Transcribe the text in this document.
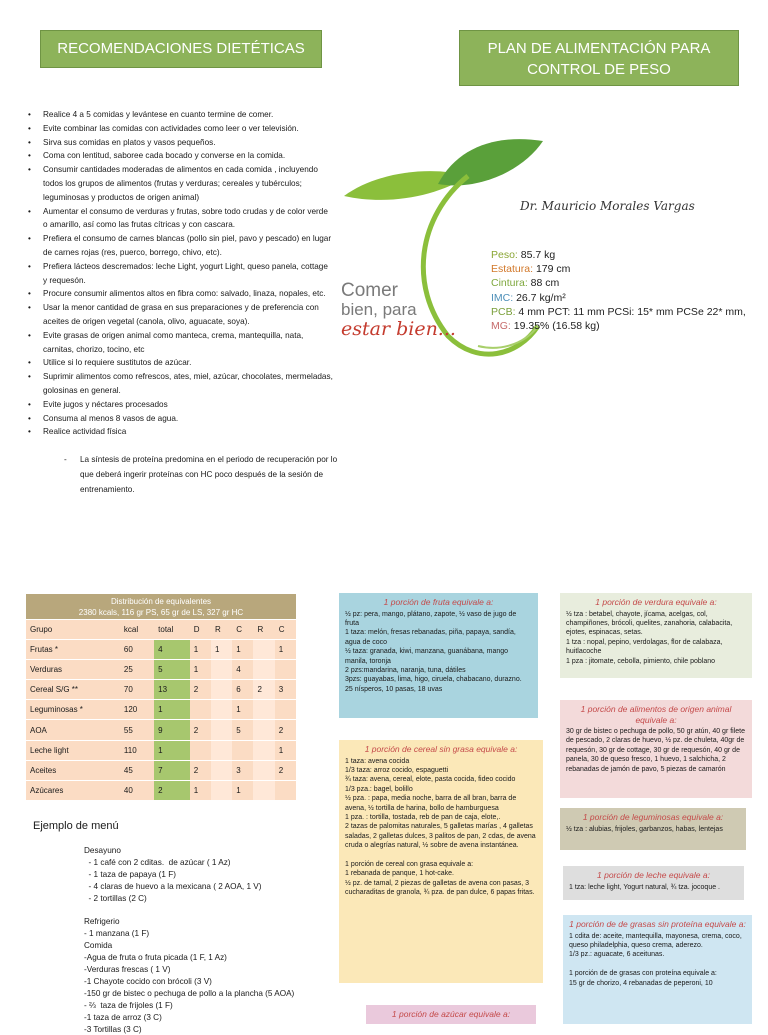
RECOMENDACIONES DIETÉTICAS	PLAN DE ALIMENTACIÓN PARA
CONTROL DE PESO
• Realice 4 a 5 comidas y levántese en cuanto termine de comer.
• Evite combinar las comidas con actividades como leer o ver televisión.
• Sirva sus comidas en platos y vasos pequeños.
• Coma con lentitud, saboree cada bocado y converse en la comida.
• Consumir cantidades moderadas de alimentos en cada comida , incluyendo todos los grupos de alimentos (frutas y verduras; cereales y tubérculos; leguminosas y productos de origen animal)
• Aumentar el consumo de verduras y frutas, sobre todo crudas y de color verde o amarillo, así como las frutas cítricas y con cascara.
• Prefiera el consumo de carnes blancas (pollo sin piel, pavo y pescado) en lugar de carnes rojas (res, puerco, borrego, chivo, etc).
• Prefiera lácteos descremados: leche Light, yogurt Light, queso panela, cottage y requesón.
• Procure consumir alimentos altos en fibra como: salvado, linaza, nopales, etc.
• Usar la menor cantidad de grasa en sus preparaciones y de preferencia con aceites de origen vegetal (canola, olivo, aguacate, soya).
• Evite grasas de origen animal como manteca, crema, mantequilla, nata, carnitas, chorizo, tocino, etc
• Utilice si lo requiere sustitutos de azúcar.
• Suprimir alimentos como refrescos, ates, miel, azúcar, chocolates, mermeladas, golosinas en general.
• Evite jugos y néctares procesados
• Consuma al menos 8 vasos de agua.
• Realice actividad física
- La síntesis de proteína predomina en el periodo de recuperación por lo que deberá ingerir proteínas con HC poco después de la sesión de entrenamiento.
Dr. Mauricio Morales Vargas
Comer
bien, para
estar bien...
Peso: 85.7 kg
Estatura: 179 cm
Cintura: 88 cm
IMC: 26.7 kg/m²
PCB: 4 mm PCT: 11 mm PCSi: 15* mm PCSe 22* mm,
MG: 19.35% (16.58 kg)
Distribución de equivalentes
2380 kcals, 116 gr PS, 65 gr de LS, 327 gr HC							

Grupo	kcal	total	D	R	C	R	C
Frutas *	60	4	1	1	1		1
Verduras	25	5	1		4		
Cereal S/G **	70	13	2		6	2	3
Leguminosas *	120	1			1		
AOA	55	9	2		5		2
Leche light	110	1					1
Aceites	45	7	2		3		2
Azúcares	40	2	1		1		
Ejemplo de menú
Desayuno
- 1 café con 2 cditas.  de azúcar ( 1 Az)
- 1 taza de papaya (1 F)
- 4 claras de huevo a la mexicana ( 2 AOA, 1 V)
- 2 tortillas (2 C)
Refrigerio
- 1 manzana (1 F)
Comida
-Agua de fruta o fruta picada (1 F, 1 Az)
-Verduras frescas ( 1 V)
-1 Chayote cocido con brócoli (3 V)
-150 gr de bistec o pechuga de pollo a la plancha (5 AOA)
- ⅔  taza de frijoles (1 F)
-1 taza de arroz (3 C)
-3 Tortillas (3 C)
1 porción de fruta equivale a:

½ pz: pera, mango, plátano, zapote, ½ vaso de jugo de fruta

1 taza: melón, fresas rebanadas, piña, papaya, sandía, agua de coco

½ taza: granada, kiwi, manzana, guanábana, mango manila, toronja

2 pzs:mandarina, naranja, tuna, dátiles

3pzs: guayabas, lima, higo, ciruela, chabacano, durazno.

25 nísperos, 10 pasas, 18 uvas

1 porción de verdura equivale a:

½ tza : betabel, chayote, jícama, acelgas, col, champiñones, brócoli, quelites, zanahoria, calabacita, ejotes, espinacas, setas.

1 tza : nopal, pepino, verdolagas, flor de calabaza, huitlacoche

1 pza : jitomate, cebolla, pimiento, chile poblano

1 porción de alimentos de origen animal equivale a:

30 gr de bistec o pechuga de pollo, 50 gr atún, 40 gr filete de pescado, 2 claras de huevo, ½ pz. de chuleta, 40gr de requesón, 30 gr de cottage, 30 gr de requesón, 40 gr de panela, 30 de queso fresco, 1 huevo, 1 salchicha, 2 rebanadas de jamón de pavo, 5 piezas de camarón

1 porción de cereal sin grasa equivale a:

1 taza: avena cocida

1/3 taza: arroz cocido, espaguetti

¾ taza: avena, cereal, elote, pasta cocida, fideo cocido

1/3 pza.: bagel, bolillo

½ pza. : papa, media noche, barra de all bran, barra de avena, ½ tortilla de harina, bollo de hamburguesa

1 pza. : tortilla, tostada, reb de pan de caja, elote,.

2 tazas de palomitas naturales, 5 galletas marías , 4 galletas saladas, 2 galletas dulces, 3 palitos de pan, 2 cdas, de avena cruda o alegrías natural, ½ sobre de avena instantánea.

1 porción de cereal con grasa equivale a:

1 rebanada de panque, 1 hot-cake.

½ pz. de tamal, 2 piezas de galletas de avena con pasas, 3 cucharaditas de granola, ¾ pza. de pan dulce, 6 papas fritas.

1 porción de leguminosas equivale a:

½ tza : alubias, frijoles, garbanzos, habas, lentejas

1 porción de leche equivale a:

1 tza: leche light, Yogurt natural, ¾ tza. jocoque .

1 porción de de grasas sin proteína equivale a:

1 cdita de: aceite, mantequilla, mayonesa, crema, coco, queso philadelphia, queso crema, aderezo.

1/3 pz.: aguacate, 6 aceitunas.

1 porción de de grasas con proteína equivale a:

15 gr de chorizo, 4 rebanadas de peperoni, 10

1 porción de azúcar equivale a:
